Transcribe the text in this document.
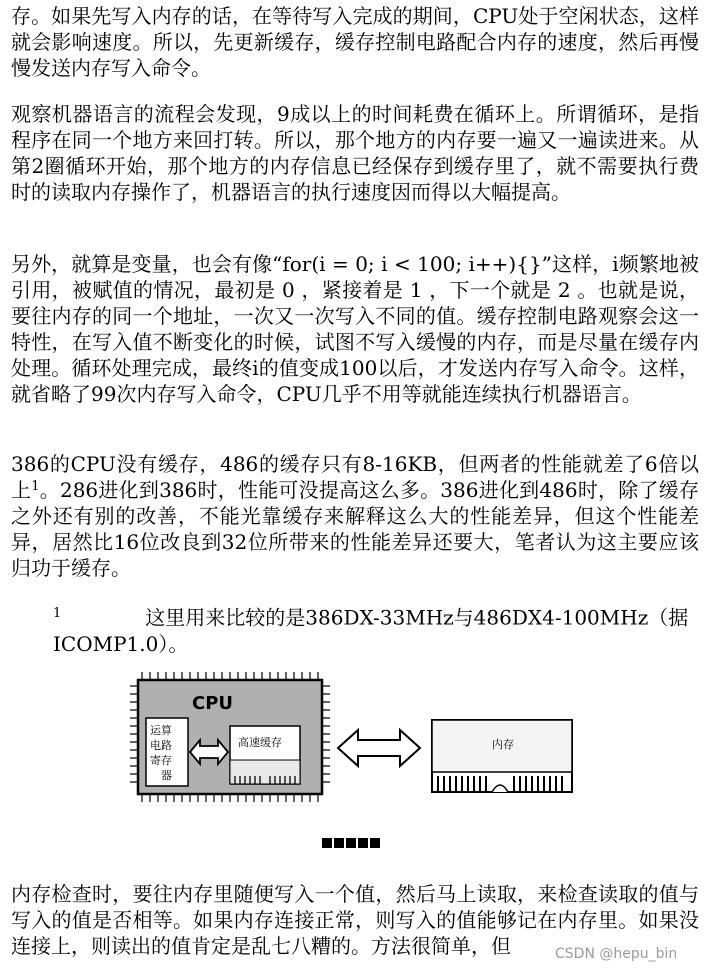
存。如果先写入内存的话，在等待写入完成的期间，CPU处于空闲状态，这样就会影响速度。所以，先更新缓存，缓存控制电路配合内存的速度，然后再慢慢发送内存写入命令。

观察机器语言的流程会发现，9成以上的时间耗费在循环上。所谓循环，是指程序在同一个地方来回打转。所以，那个地方的内存要一遍又一遍读进来。从第2圈循环开始，那个地方的内存信息已经保存到缓存里了，就不需要执行费时的读取内存操作了，机器语言的执行速度因而得以大幅提高。

另外，就算是变量，也会有像“for(i = 0; i < 100; i++){}”这样，i频繁地被引用，被赋值的情况，最初是 0 ，紧接着是 1 ，下一个就是 2 。也就是说，要往内存的同一个地址，一次又一次写入不同的值。缓存控制电路观察会这一特性，在写入值不断变化的时候，试图不写入缓慢的内存，而是尽量在缓存内处理。循环处理完成，最终i的值变成100以后，才发送内存写入命令。这样，就省略了99次内存写入命令，CPU几乎不用等就能连续执行机器语言。

386的CPU没有缓存，486的缓存只有8-16KB，但两者的性能就差了6倍以上$^1$。286进化到386时，性能可没提高这么多。386进化到486时，除了缓存之外还有别的改善，不能光靠缓存来解释这么大的性能差异，但这个性能差异，居然比16位改良到32位所带来的性能差异还要大，笔者认为这主要应该归功于缓存。

$^1$	这里用来比较的是386DX-33MHz与486DX4-100MHz（据ICOMP1.0）。

CPU
运算
电路
寄存
器
高速缓存	内存

内存检查时，要往内存里随便写入一个值，然后马上读取，来检查读取的值与写入的值是否相等。如果内存连接正常，则写入的值能够记在内存里。如果没连接上，则读出的值肯定是乱七八糟的。方法很简单，但	CSDN @hepu_bin
